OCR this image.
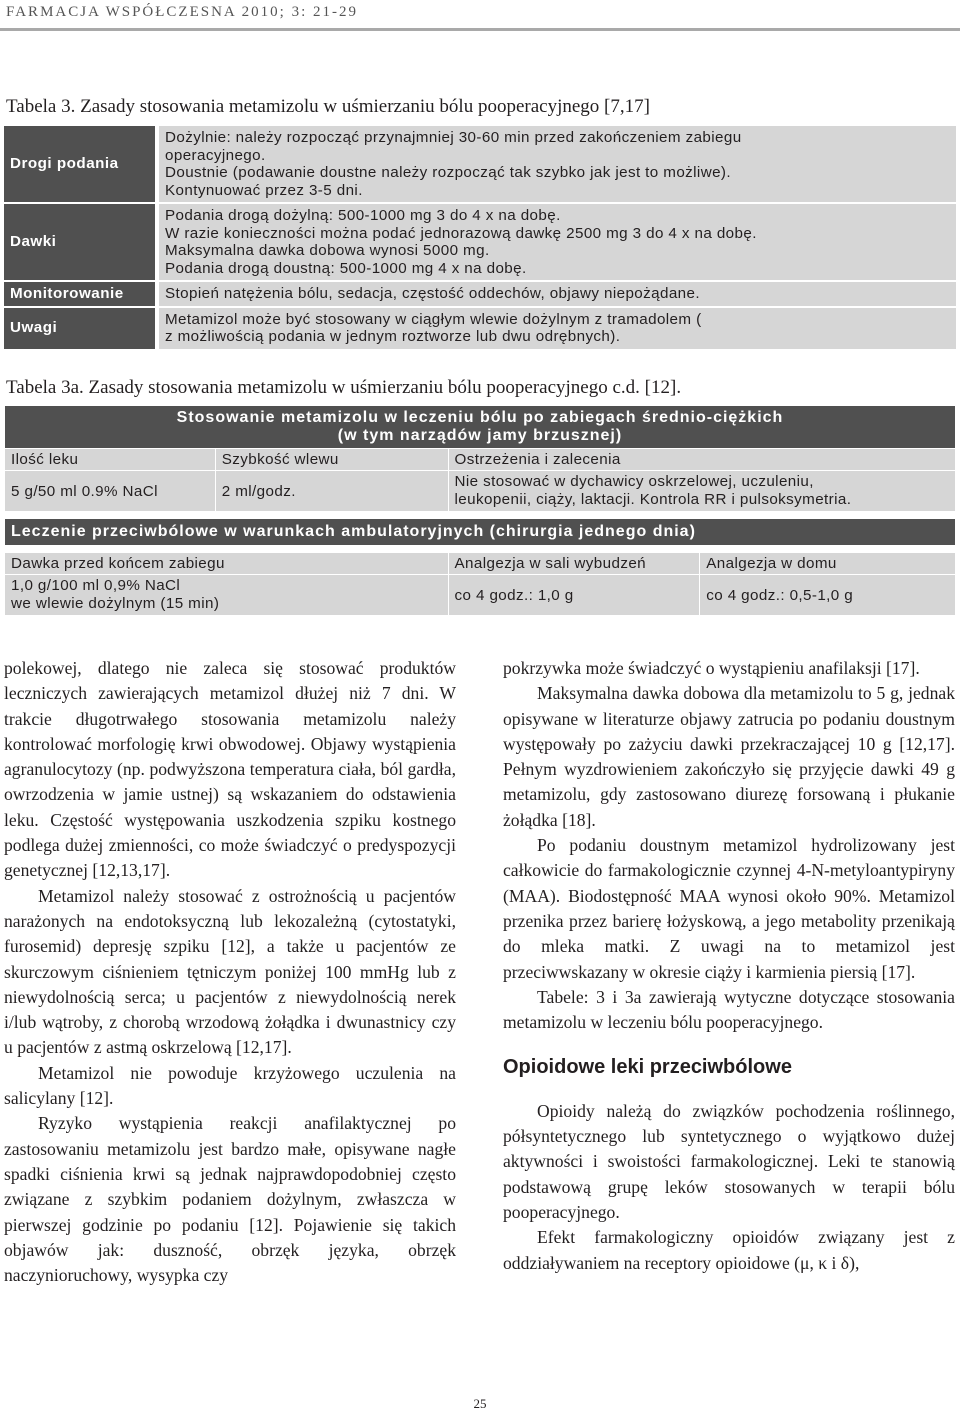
FARMACJA WSPÓŁCZESNA 2010; 3: 21-29
Tabela 3. Zasady stosowania metamizolu w uśmierzaniu bólu pooperacyjnego [7,17]
Drogi podania	Dożylnie: należy rozpocząć przynajmniej 30-60 min przed zakończeniem zabiegu
operacyjnego.
Doustnie (podawanie doustne należy rozpocząć tak szybko jak jest to możliwe).
Kontynuować przez 3-5 dni.

Dawki	Podania drogą dożylną: 500-1000 mg 3 do 4 x na dobę.
W razie konieczności można podać jednorazową dawkę 2500 mg 3 do 4 x na dobę.
Maksymalna dawka dobowa wynosi 5000 mg.
Podania drogą doustną: 500-1000 mg 4 x na dobę.

Monitorowanie	Stopień natężenia bólu, sedacja, częstość oddechów, objawy niepożądane.

Uwagi	Metamizol może być stosowany w ciągłym wlewie dożylnym z tramadolem (
z możliwością podania w jednym roztworze lub dwu odrębnych).
Tabela 3a. Zasady stosowania metamizolu w uśmierzaniu bólu pooperacyjnego c.d. [12].
Stosowanie metamizolu w leczeniu bólu po zabiegach średnio-ciężkich
(w tym narządów jamy brzusznej)			

Ilość leku	Szybkość wlewu	Ostrzeżenia i zalecenia	
5 g/50 ml 0.9% NaCl	2 ml/godz.	Nie stosować w dychawicy oskrzelowej, uczuleniu,
leukopenii, ciąży, laktacji. Kontrola RR i pulsoksymetria.	

Leczenie przeciwbólowe w warunkach ambulatoryjnych (chirurgia jednego dnia)			

Dawka przed końcem zabiegu		Analgezja w sali wybudzeń	Analgezja w domu

1,0 g/100 ml 0,9% NaCl
we wlewie dożylnym (15 min)		co 4 godz.: 1,0 g	co 4 godz.: 0,5-1,0 g

polekowej, dlatego nie zaleca się stosować produktów leczniczych zawierających metamizol dłużej niż 7 dni. W trakcie długotrwałego stosowania metamizolu należy kontrolować morfologię krwi obwodowej. Objawy wystąpienia agranulocytozy (np. podwyższona temperatura ciała, ból gardła, owrzodzenia w jamie ustnej) są wskazaniem do odstawienia leku. Częstość występowania uszkodzenia szpiku kostnego podlega dużej zmienności, co może świadczyć o predyspozycji genetycznej [12,13,17].

Metamizol należy stosować z ostrożnością u pacjentów narażonych na endotoksyczną lub lekozależną (cytostatyki, furosemid) depresję szpiku [12], a także u pacjentów ze skurczowym ciśnieniem tętniczym poniżej 100 mmHg lub z niewydolnością serca; u pacjentów z niewydolnością nerek i/lub wątroby, z chorobą wrzodową żołądka i dwunastnicy czy u pacjentów z astmą oskrzelową [12,17].

Metamizol nie powoduje krzyżowego uczulenia na salicylany [12].

Ryzyko wystąpienia reakcji anafilaktycznej po zastosowaniu metamizolu jest bardzo małe, opisywane nagłe spadki ciśnienia krwi są jednak najprawdopodobniej często związane z szybkim podaniem dożylnym, zwłaszcza w pierwszej godzinie po podaniu [12]. Pojawienie się takich objawów jak: duszność, obrzęk języka, obrzęk naczynioruchowy, wysypka czy

pokrzywka może świadczyć o wystąpieniu anafilaksji [17].

Maksymalna dawka dobowa dla metamizolu to 5 g, jednak opisywane w literaturze objawy zatrucia po podaniu doustnym występowały po zażyciu dawki przekraczającej 10 g [12,17]. Pełnym wyzdrowieniem zakończyło się przyjęcie dawki 49 g metamizolu, gdy zastosowano diurezę forsowaną i płukanie żołądka [18].

Po podaniu doustnym metamizol hydrolizowany jest całkowicie do farmakologicznie czynnej 4-N-metyloantypiryny (MAA). Biodostępność MAA wynosi około 90%. Metamizol przenika przez barierę łożyskową, a jego metabolity przenikają do mleka matki. Z uwagi na to metamizol jest przeciwwskazany w okresie ciąży i karmienia piersią [17].

Tabele: 3 i 3a zawierają wytyczne dotyczące stosowania metamizolu w leczeniu bólu pooperacyjnego.

Opioidowe leki przeciwbólowe

Opioidy należą do związków pochodzenia roślinnego, półsyntetycznego lub syntetycznego o wyjątkowo dużej aktywności i swoistości farmakologicznej. Leki te stanowią podstawową grupę leków stosowanych w terapii bólu pooperacyjnego.

Efekt farmakologiczny opioidów związany jest z oddziaływaniem na receptory opioidowe (μ, κ i δ),

25
